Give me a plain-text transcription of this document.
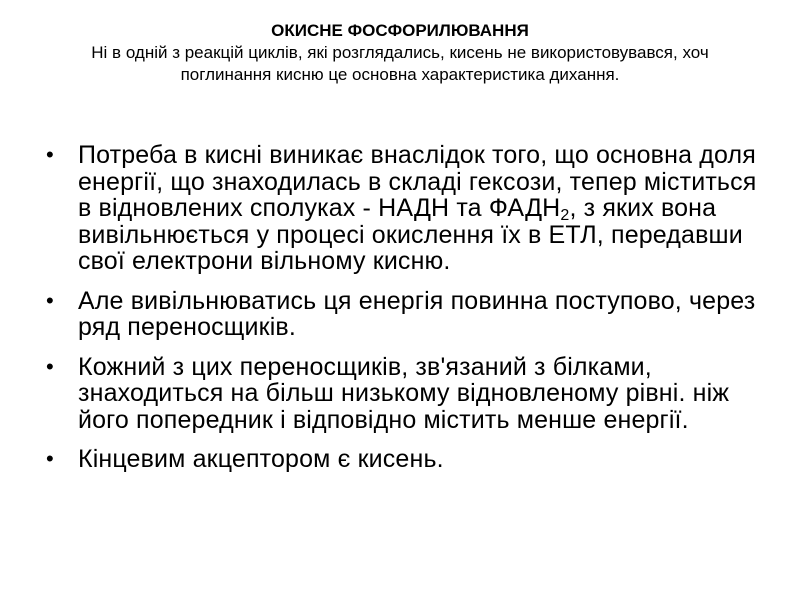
ОКИСНЕ ФОСФОРИЛЮВАННЯ
Ні в одній з реакцій циклів, які розглядались, кисень не використовувався, хоч поглинання кисню це основна характеристика дихання.
• Потреба в кисні виникає внаслідок того, що основна доля енергії, що знаходилась в складі гексози, тепер міститься в відновлених сполуках - НАДН та $ФАДН_2$, з яких вона вивільнюється у процесі окислення їх в ЕТЛ, передавши свої електрони вільному кисню.
• Але вивільнюватись ця енергія повинна поступово, через ряд переносщиків.
• Кожний з цих переносщиків, зв'язаний з білками, знаходиться на більш низькому відновленому рівні. ніж його попередник і відповідно містить менше енергії.
• Кінцевим акцептором є кисень.
